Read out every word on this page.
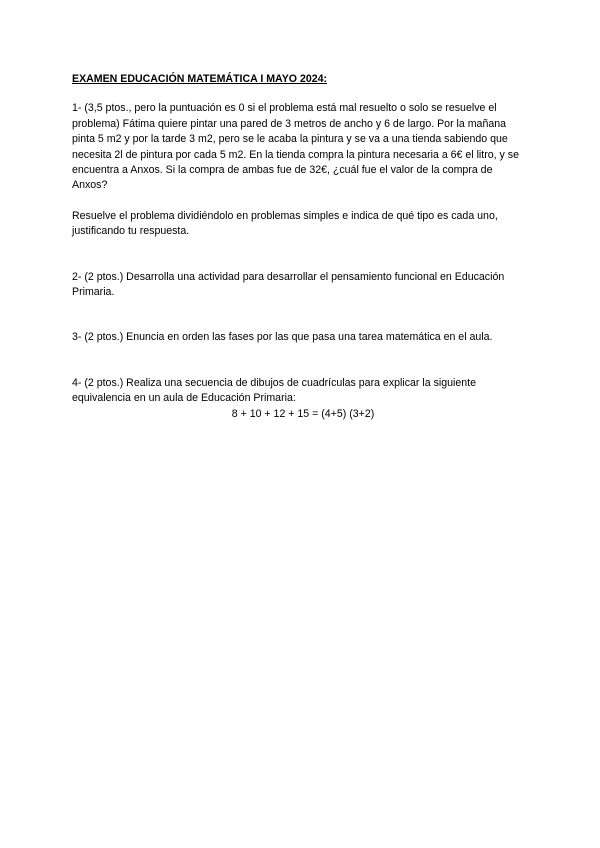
EXAMEN EDUCACIÓN MATEMÁTICA I MAYO 2024:

1- (3,5 ptos., pero la puntuación es 0 si el problema está mal resuelto o solo se resuelve el problema) Fátima quiere pintar una pared de 3 metros de ancho y 6 de largo. Por la mañana pinta 5 m2 y por la tarde 3 m2, pero se le acaba la pintura y se va a una tienda sabiendo que necesita 2l de pintura por cada 5 m2. En la tienda compra la pintura necesaria a 6€ el litro, y se encuentra a Anxos. Si la compra de ambas fue de 32€, ¿cuál fue el valor de la compra de Anxos?

Resuelve el problema dividiéndolo en problemas simples e indica de qué tipo es cada uno, justificando tu respuesta.

2- (2 ptos.) Desarrolla una actividad para desarrollar el pensamiento funcional en Educación Primaria.

3- (2 ptos.) Enuncia en orden las fases por las que pasa una tarea matemática en el aula.

4- (2 ptos.) Realiza una secuencia de dibujos de cuadrículas para explicar la siguiente equivalencia en un aula de Educación Primaria:

8 + 10 + 12 + 15 = (4+5) (3+2)
